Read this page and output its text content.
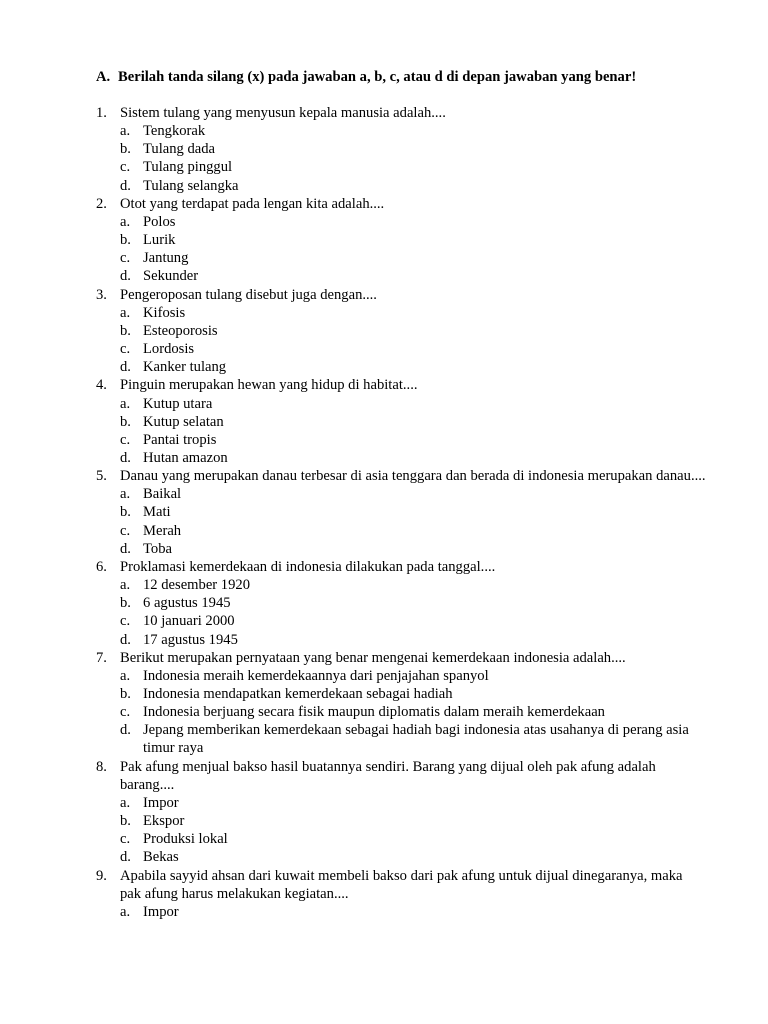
A. Berilah tanda silang (x) pada jawaban a, b, c, atau d di depan jawaban yang benar!
1. Sistem tulang yang menyusun kepala manusia adalah....
a. Tengkorak
b. Tulang dada
c. Tulang pinggul
d. Tulang selangka
2. Otot yang terdapat pada lengan kita adalah....
a. Polos
b. Lurik
c. Jantung
d. Sekunder
3. Pengeroposan tulang disebut juga dengan....
a. Kifosis
b. Esteoporosis
c. Lordosis
d. Kanker tulang
4. Pinguin merupakan hewan yang hidup di habitat....
a. Kutup utara
b. Kutup selatan
c. Pantai tropis
d. Hutan amazon
5. Danau yang merupakan danau terbesar di asia tenggara dan berada di indonesia merupakan danau....
a. Baikal
b. Mati
c. Merah
d. Toba
6. Proklamasi kemerdekaan di indonesia dilakukan pada tanggal....
a. 12 desember 1920
b. 6 agustus 1945
c. 10 januari 2000
d. 17 agustus 1945
7. Berikut merupakan pernyataan yang benar mengenai kemerdekaan indonesia adalah....
a. Indonesia meraih kemerdekaannya dari penjajahan spanyol
b. Indonesia mendapatkan kemerdekaan sebagai hadiah
c. Indonesia berjuang secara fisik maupun diplomatis dalam meraih kemerdekaan
d. Jepang memberikan kemerdekaan sebagai hadiah bagi indonesia atas usahanya di perang asia timur raya
8. Pak afung menjual bakso hasil buatannya sendiri. Barang yang dijual oleh pak afung adalah barang....
a. Impor
b. Ekspor
c. Produksi lokal
d. Bekas
9. Apabila sayyid ahsan dari kuwait membeli bakso dari pak afung untuk dijual dinegaranya, maka pak afung harus melakukan kegiatan....
a. Impor
